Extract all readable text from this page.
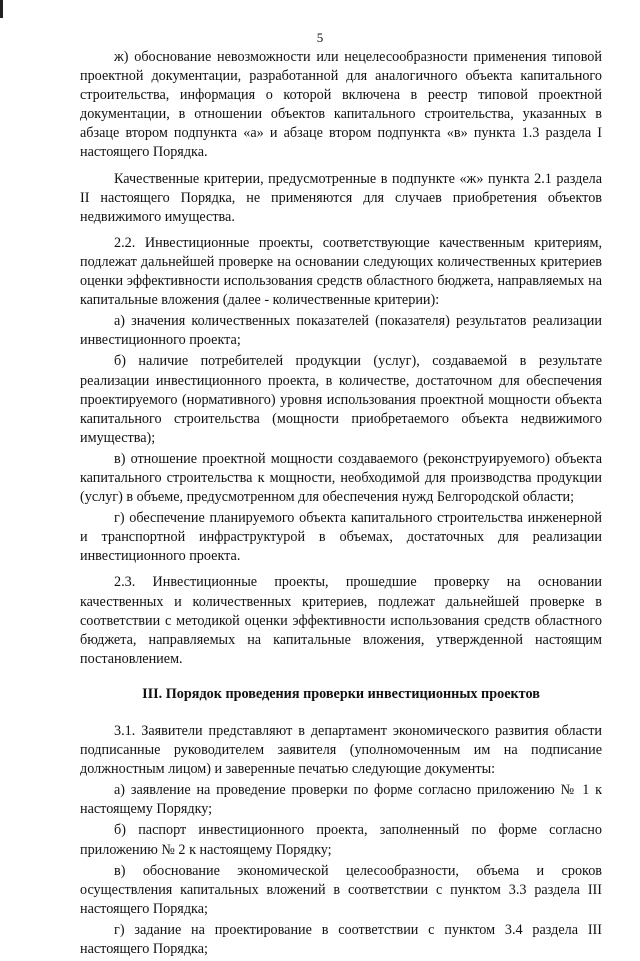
5

ж) обоснование невозможности или нецелесообразности применения типовой проектной документации, разработанной для аналогичного объекта капитального строительства, информация о которой включена в реестр типовой проектной документации, в отношении объектов капитального строительства, указанных в абзаце втором подпункта «а» и абзаце втором подпункта «в» пункта 1.3 раздела I настоящего Порядка.

Качественные критерии, предусмотренные в подпункте «ж» пункта 2.1 раздела II настоящего Порядка, не применяются для случаев приобретения объектов недвижимого имущества.

2.2. Инвестиционные проекты, соответствующие качественным критериям, подлежат дальнейшей проверке на основании следующих количественных критериев оценки эффективности использования средств областного бюджета, направляемых на капитальные вложения (далее - количественные критерии):

а) значения количественных показателей (показателя) результатов реализации инвестиционного проекта;

б) наличие потребителей продукции (услуг), создаваемой в результате реализации инвестиционного проекта, в количестве, достаточном для обеспечения проектируемого (нормативного) уровня использования проектной мощности объекта капитального строительства (мощности приобретаемого объекта недвижимого имущества);

в) отношение проектной мощности создаваемого (реконструируемого) объекта капитального строительства к мощности, необходимой для производства продукции (услуг) в объеме, предусмотренном для обеспечения нужд Белгородской области;

г) обеспечение планируемого объекта капитального строительства инженерной и транспортной инфраструктурой в объемах, достаточных для реализации инвестиционного проекта.

2.3. Инвестиционные проекты, прошедшие проверку на основании качественных и количественных критериев, подлежат дальнейшей проверке в соответствии с методикой оценки эффективности использования средств областного бюджета, направляемых на капитальные вложения, утвержденной настоящим постановлением.

III. Порядок проведения проверки инвестиционных проектов

3.1. Заявители представляют в департамент экономического развития области подписанные руководителем заявителя (уполномоченным им на подписание должностным лицом) и заверенные печатью следующие документы:

а) заявление на проведение проверки по форме согласно приложению № 1 к настоящему Порядку;

б) паспорт инвестиционного проекта, заполненный по форме согласно приложению № 2 к настоящему Порядку;

в) обоснование экономической целесообразности, объема и сроков осуществления капитальных вложений в соответствии с пунктом 3.3 раздела III настоящего Порядка;

г) задание на проектирование в соответствии с пунктом 3.4 раздела III настоящего Порядка;
